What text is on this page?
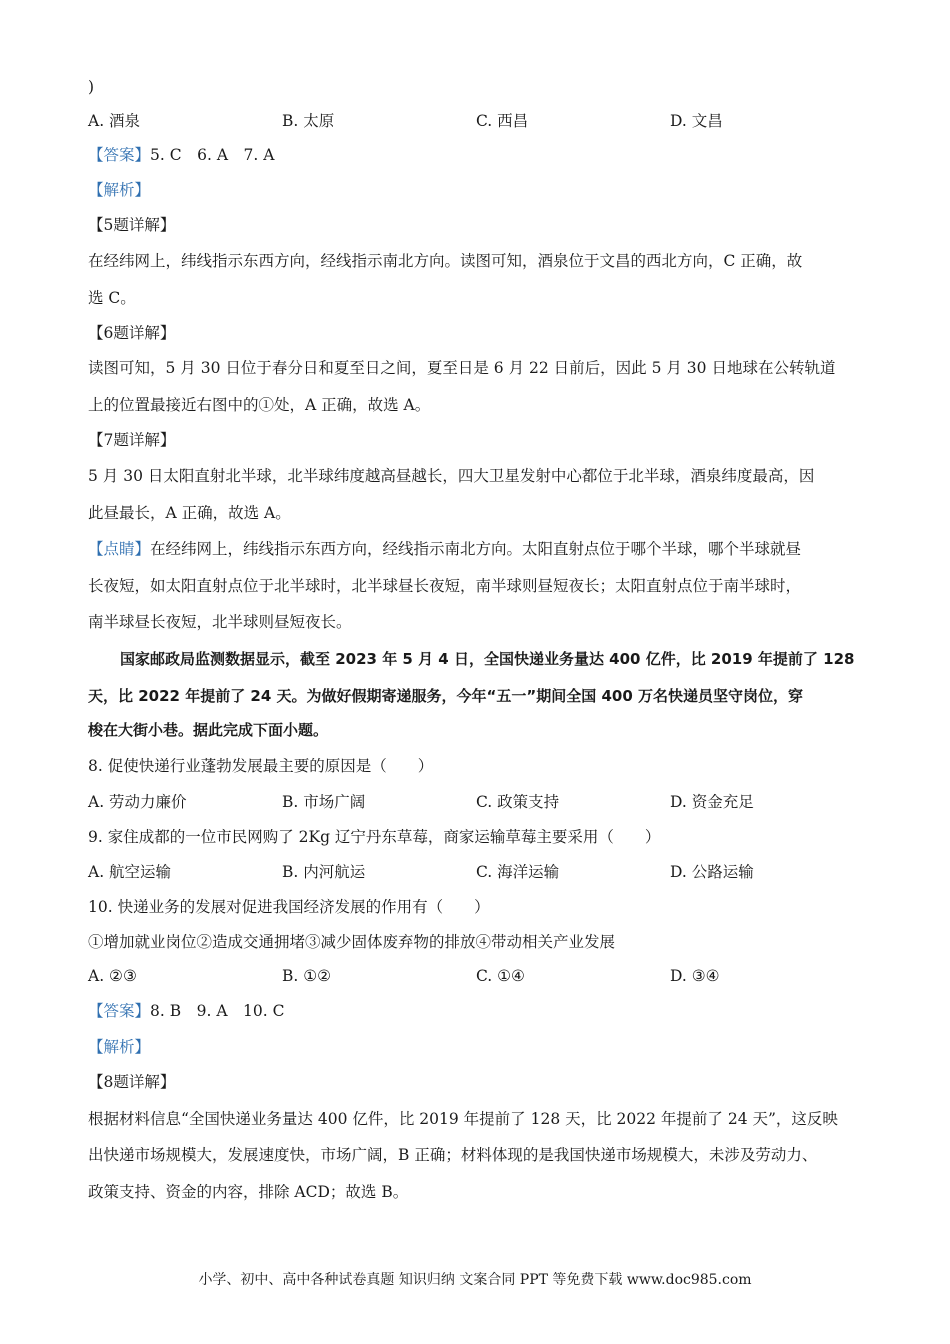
)
A. 酒泉	B. 太原	C. 西昌	D. 文昌
【答案】5. C　6. A　7. A
【解析】
【5题详解】
在经纬网上，纬线指示东西方向，经线指示南北方向。读图可知，酒泉位于文昌的西北方向，C 正确，故
选 C。
【6题详解】
读图可知，5 月 30 日位于春分日和夏至日之间，夏至日是 6 月 22 日前后，因此 5 月 30 日地球在公转轨道
上的位置最接近右图中的①处，A 正确，故选 A。
【7题详解】
5 月 30 日太阳直射北半球，北半球纬度越高昼越长，四大卫星发射中心都位于北半球，酒泉纬度最高，因
此昼最长，A 正确，故选 A。
【点睛】在经纬网上，纬线指示东西方向，经线指示南北方向。太阳直射点位于哪个半球，哪个半球就昼
长夜短，如太阳直射点位于北半球时，北半球昼长夜短，南半球则昼短夜长；太阳直射点位于南半球时，
南半球昼长夜短，北半球则昼短夜长。
国家邮政局监测数据显示，截至 2023 年 5 月 4 日，全国快递业务量达 400 亿件，比 2019 年提前了 128
天，比 2022 年提前了 24 天。为做好假期寄递服务，今年“五一”期间全国 400 万名快递员坚守岗位，穿
梭在大街小巷。据此完成下面小题。
8. 促使快递行业蓬勃发展最主要的原因是（　　）
A. 劳动力廉价	B. 市场广阔	C. 政策支持	D. 资金充足
9. 家住成都的一位市民网购了 2Kg 辽宁丹东草莓，商家运输草莓主要采用（　　）
A. 航空运输	B. 内河航运	C. 海洋运输	D. 公路运输
10. 快递业务的发展对促进我国经济发展的作用有（　　）
①增加就业岗位②造成交通拥堵③减少固体废弃物的排放④带动相关产业发展
A. ②③	B. ①②	C. ①④	D. ③④
【答案】8. B　9. A　10. C
【解析】
【8题详解】
根据材料信息“全国快递业务量达 400 亿件，比 2019 年提前了 128 天，比 2022 年提前了 24 天”，这反映
出快递市场规模大，发展速度快，市场广阔，B 正确；材料体现的是我国快递市场规模大，未涉及劳动力、
政策支持、资金的内容，排除 ACD；故选 B。
小学、初中、高中各种试卷真题 知识归纳 文案合同 PPT 等免费下载 www.doc985.com
